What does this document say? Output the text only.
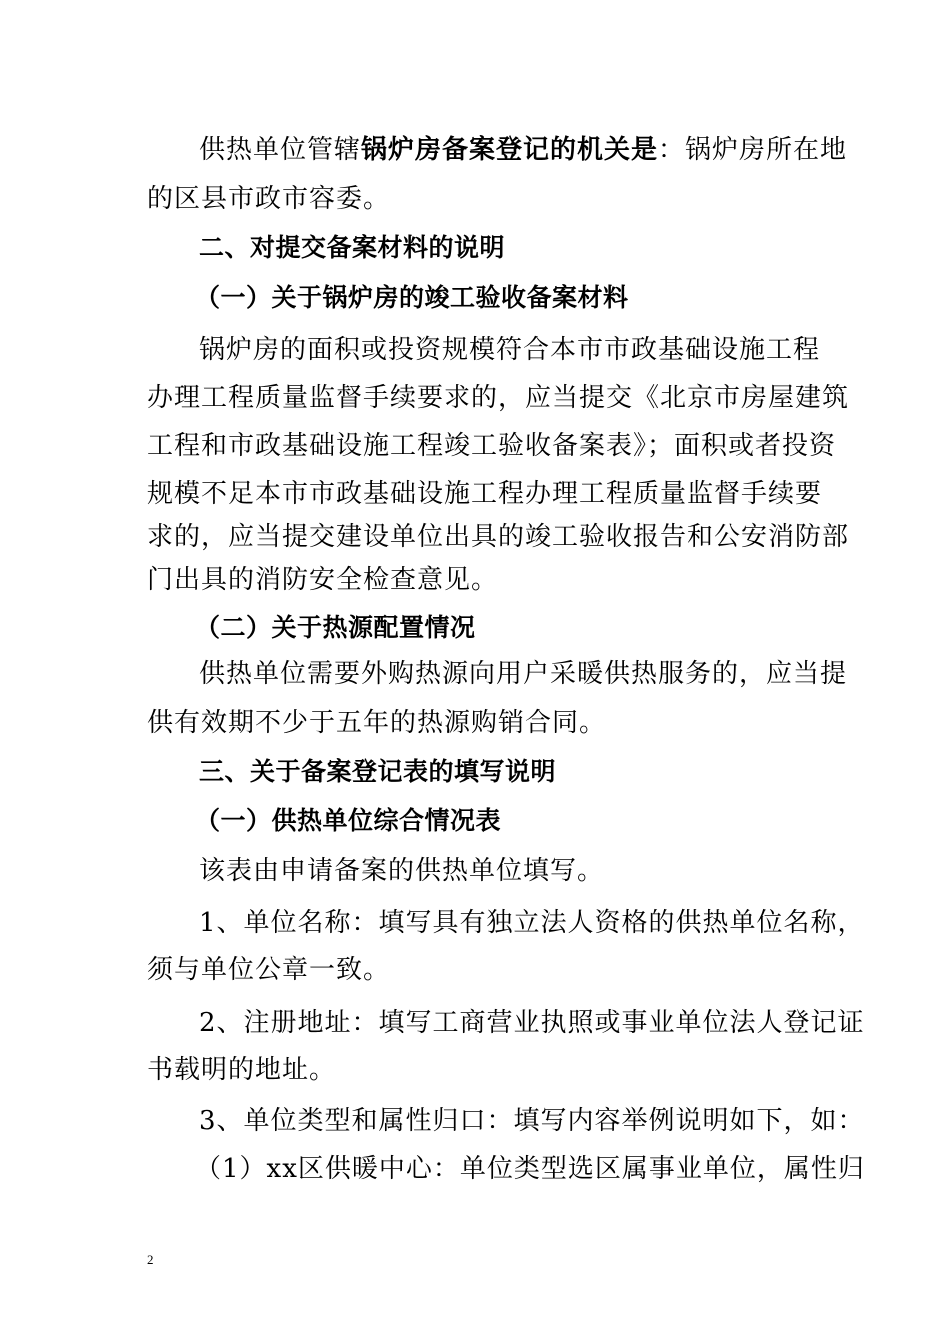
供热单位管辖锅炉房备案登记的机关是：锅炉房所在地
的区县市政市容委。
二、对提交备案材料的说明
（一）关于锅炉房的竣工验收备案材料
锅炉房的面积或投资规模符合本市市政基础设施工程
办理工程质量监督手续要求的，应当提交《北京市房屋建筑
工程和市政基础设施工程竣工验收备案表》；面积或者投资
规模不足本市市政基础设施工程办理工程质量监督手续要
求的，应当提交建设单位出具的竣工验收报告和公安消防部
门出具的消防安全检查意见。
（二）关于热源配置情况
供热单位需要外购热源向用户采暖供热服务的，应当提
供有效期不少于五年的热源购销合同。
三、关于备案登记表的填写说明
（一）供热单位综合情况表
该表由申请备案的供热单位填写。
1、单位名称：填写具有独立法人资格的供热单位名称，
须与单位公章一致。
2、注册地址：填写工商营业执照或事业单位法人登记证
书载明的地址。
3、单位类型和属性归口：填写内容举例说明如下，如：
（1）xx区供暖中心：单位类型选区属事业单位，属性归
2
